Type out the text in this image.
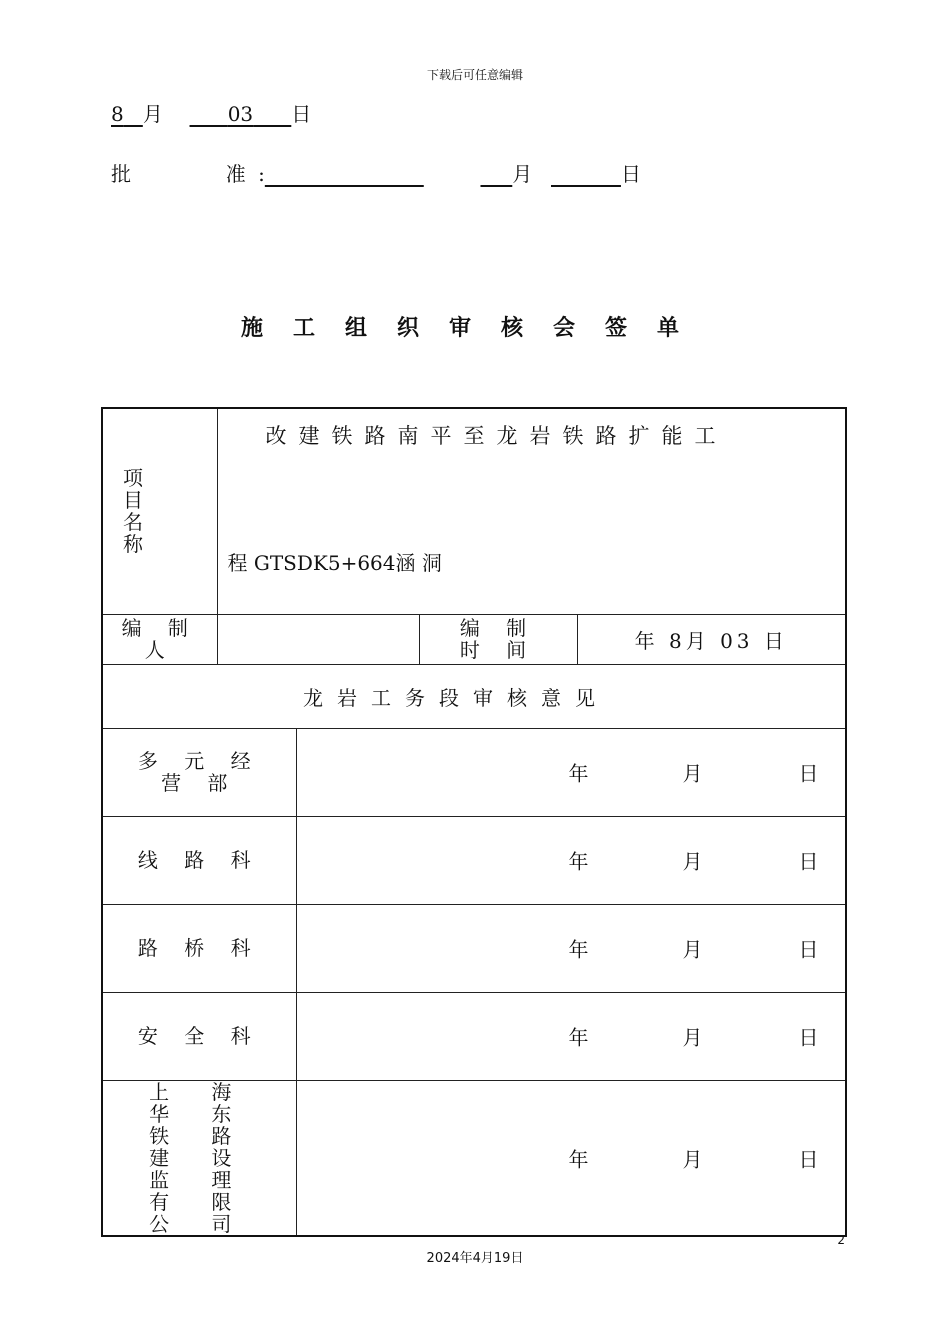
下载后可任意编辑
8 月	03 日
批	准 :	月	日
施工组织审核会签单
项 目 名 称	改建铁路南平至龙岩铁路扩能工
程 GTSDK5+664涵 洞			

编 制 人			编 制 时 间	年 8月 03 日
龙岩工务段审核意见				

多 元 经 营 部		年 月 日		

线 路 科		年 月 日		

路 桥 科		年 月 日		

安 全 科		年 月 日		

上 海 华 东 铁 路 建 设 监 理 有 限 公 司		年 月 日		
2
2024年4月19日
